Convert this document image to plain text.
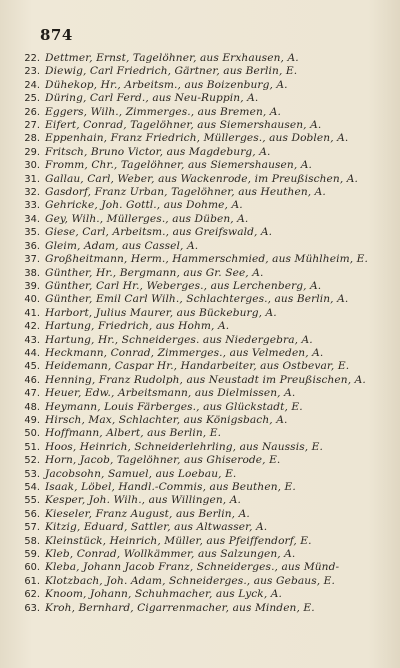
874
22. Dettmer, Ernst, Tagelöhner, aus Erxhausen, A.
23. Diewig, Carl Friedrich, Gärtner, aus Berlin, E.
24. Dühekop, Hr., Arbeitsm., aus Boizenburg, A.
25. Düring, Carl Ferd., aus Neu-Ruppin, A.
26. Eggers, Wilh., Zimmerges., aus Bremen, A.
27. Eifert, Conrad, Tagelöhner, aus Siemershausen, A.
28. Eppenhain, Franz Friedrich, Müllerges., aus Doblen, A.
29. Fritsch, Bruno Victor, aus Magdeburg, A.
30. Fromm, Chr., Tagelöhner, aus Siemershausen, A.
31. Gallau, Carl, Weber, aus Wackenrode, im Preußischen, A.
32. Gasdorf, Franz Urban, Tagelöhner, aus Heuthen, A.
33. Gehricke, Joh. Gottl., aus Dohme, A.
34. Gey, Wilh., Müllerges., aus Düben, A.
35. Giese, Carl, Arbeitsm., aus Greifswald, A.
36. Gleim, Adam, aus Cassel, A.
37. Großheitmann, Herm., Hammerschmied, aus Mühlheim, E.
38. Günther, Hr., Bergmann, aus Gr. See, A.
39. Günther, Carl Hr., Weberges., aus Lerchenberg, A.
40. Günther, Emil Carl Wilh., Schlachterges., aus Berlin, A.
41. Harbort, Julius Maurer, aus Bückeburg, A.
42. Hartung, Friedrich, aus Hohm, A.
43. Hartung, Hr., Schneiderges. aus Niedergebra, A.
44. Heckmann, Conrad, Zimmerges., aus Velmeden, A.
45. Heidemann, Caspar Hr., Handarbeiter, aus Ostbevar, E.
46. Henning, Franz Rudolph, aus Neustadt im Preußischen, A.
47. Heuer, Edw., Arbeitsmann, aus Dielmissen, A.
48. Heymann, Louis Färberges., aus Glückstadt, E.
49. Hirsch, Max, Schlachter, aus Königsbach, A.
50. Hoffmann, Albert, aus Berlin, E.
51. Hoos, Heinrich, Schneiderlehrling, aus Naussis, E.
52. Horn, Jacob, Tagelöhner, aus Ghiserode, E.
53. Jacobsohn, Samuel, aus Loebau, E.
54. Isaak, Löbel, Handl.-Commis, aus Beuthen, E.
55. Kesper, Joh. Wilh., aus Willingen, A.
56. Kieseler, Franz August, aus Berlin, A.
57. Kitzig, Eduard, Sattler, aus Altwasser, A.
58. Kleinstück, Heinrich, Müller, aus Pfeiffendorf, E.
59. Kleb, Conrad, Wollkämmer, aus Salzungen, A.
60. Kleba, Johann Jacob Franz, Schneiderges., aus Münd-
61. Klotzbach, Joh. Adam, Schneiderges., aus Gebaus, E.
62. Knoom, Johann, Schuhmacher, aus Lyck, A.
63. Kroh, Bernhard, Cigarrenmacher, aus Minden, E.
